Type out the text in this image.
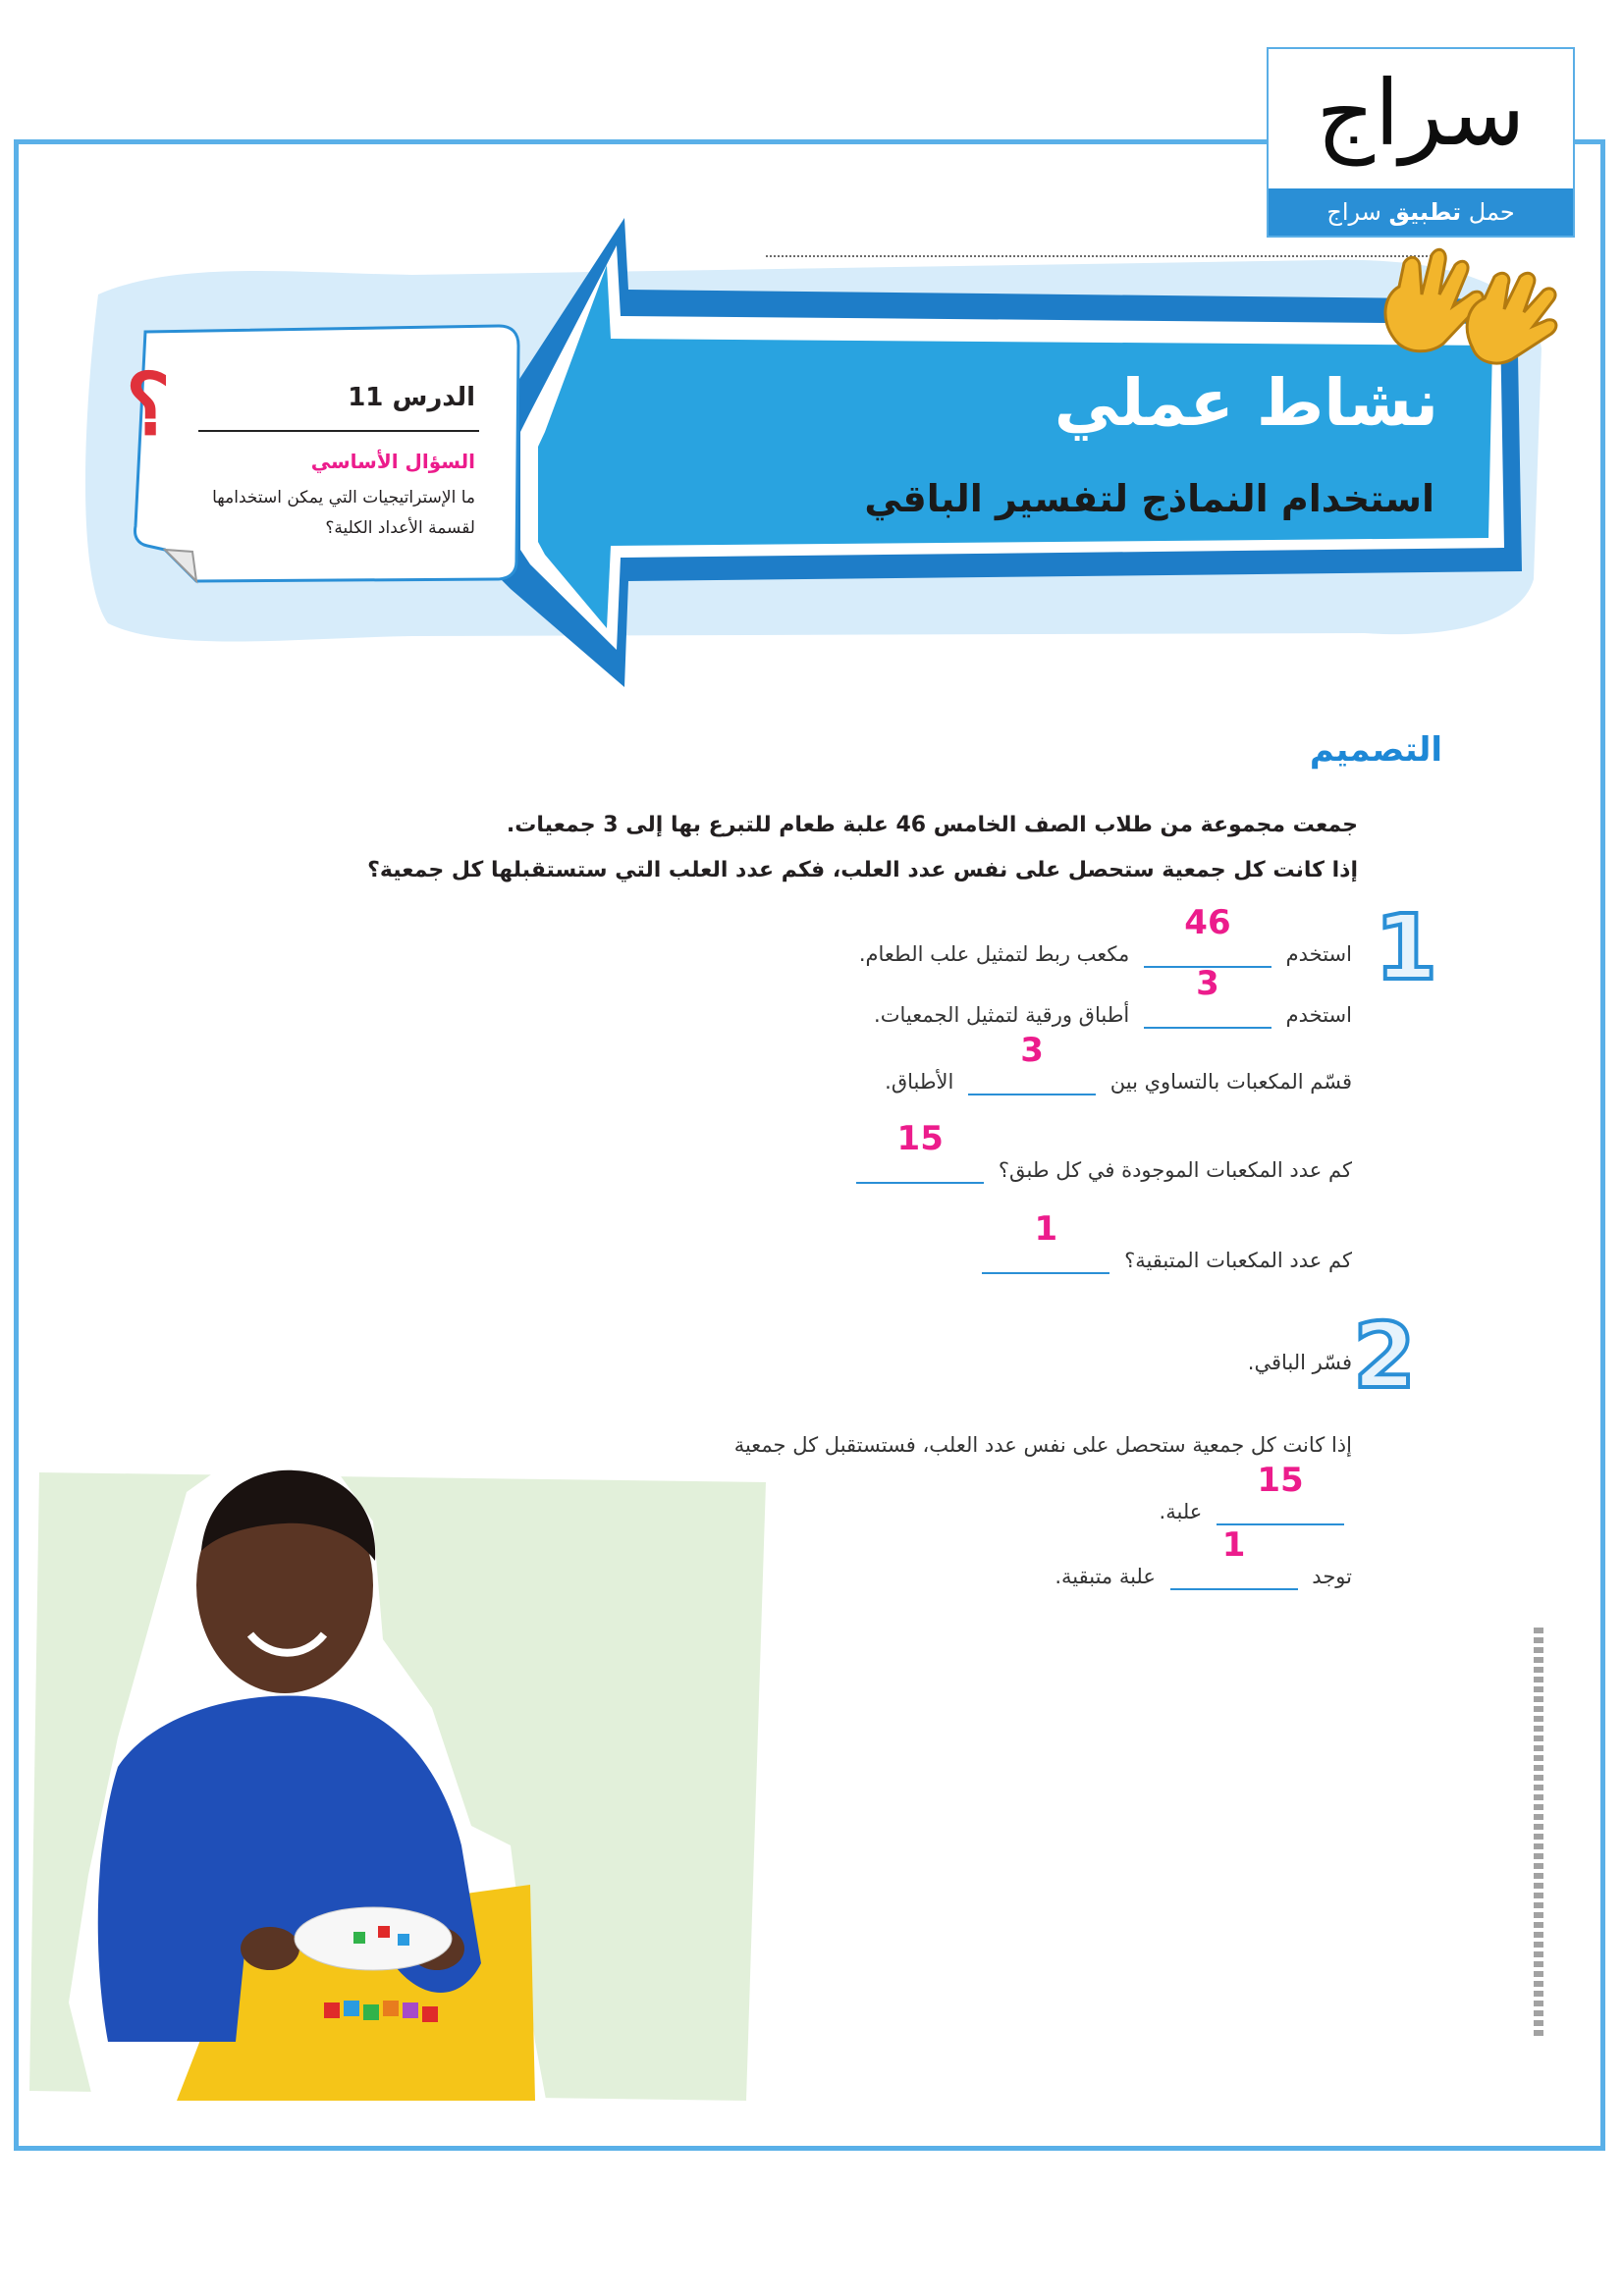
سراج
حمل تطبيق سراج
الدرس 11
السؤال الأساسي
ما الإستراتيجيات التي يمكن استخدامها لقسمة الأعداد الكلية؟
؟	نشاط عملي
استخدام النماذج لتفسير الباقي
التصميم
جمعت مجموعة من طلاب الصف الخامس 46 علبة طعام للتبرع بها إلى 3 جمعيات.
إذا كانت كل جمعية ستحصل على نفس عدد العلب، فكم عدد العلب التي ستستقبلها كل جمعية؟
1
استخدم
46
مكعب ربط لتمثيل علب الطعام.
استخدم
3
أطباق ورقية لتمثيل الجمعيات.
قسّم المكعبات بالتساوي بين
3
الأطباق.
كم عدد المكعبات الموجودة في كل طبق؟
15

كم عدد المكعبات المتبقية؟
1

2
فسّر الباقي.
إذا كانت كل جمعية ستحصل على نفس عدد العلب، فستستقبل كل جمعية
15
علبة.
توجد
1
علبة متبقية.
